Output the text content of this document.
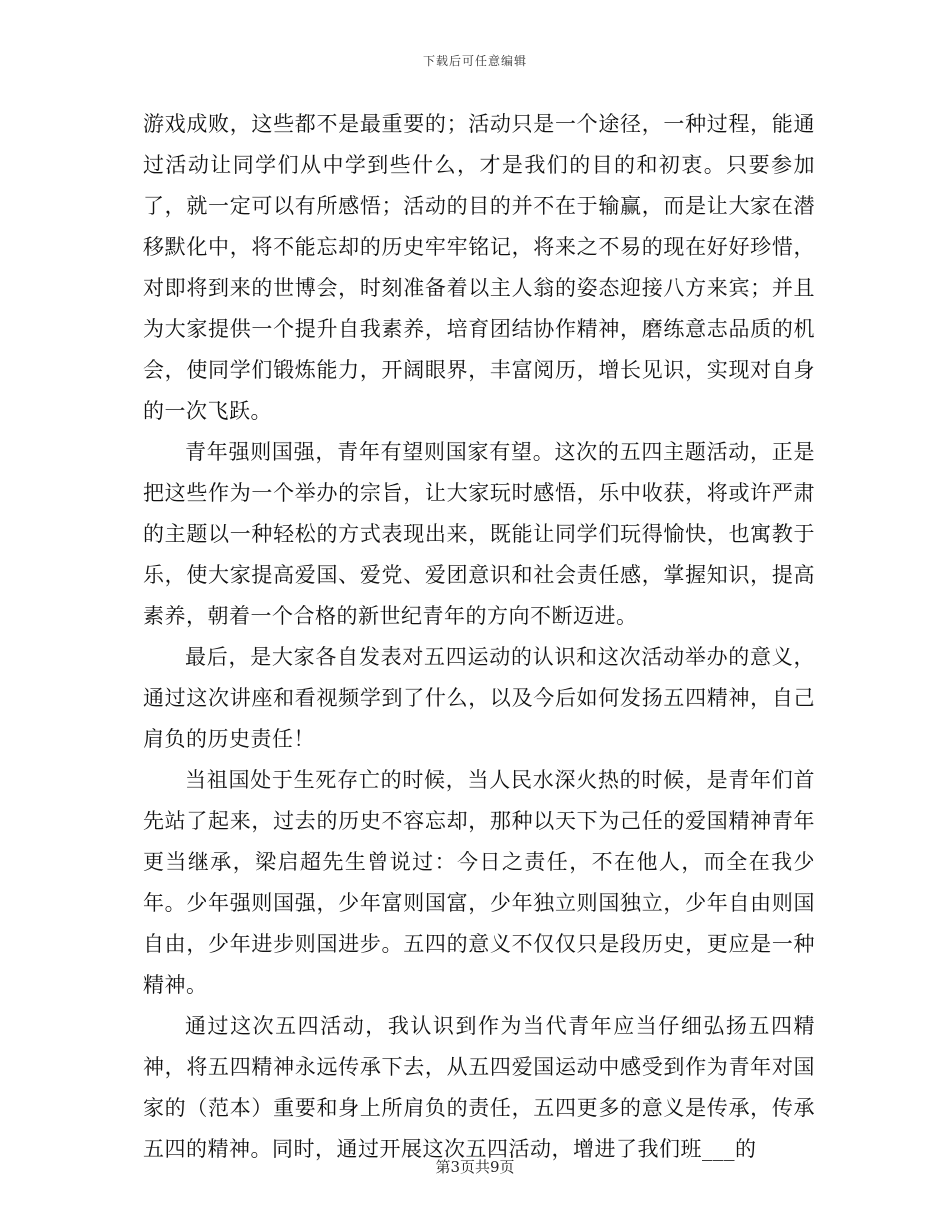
下载后可任意编辑

游戏成败，这些都不是最重要的；活动只是一个途径，一种过程，能通过活动让同学们从中学到些什么，才是我们的目的和初衷。只要参加了，就一定可以有所感悟；活动的目的并不在于输赢，而是让大家在潜移默化中，将不能忘却的历史牢牢铭记，将来之不易的现在好好珍惜，对即将到来的世博会，时刻准备着以主人翁的姿态迎接八方来宾；并且为大家提供一个提升自我素养，培育团结协作精神，磨练意志品质的机会，使同学们锻炼能力，开阔眼界，丰富阅历，增长见识，实现对自身的一次飞跃。

青年强则国强，青年有望则国家有望。这次的五四主题活动，正是把这些作为一个举办的宗旨，让大家玩时感悟，乐中收获，将或许严肃的主题以一种轻松的方式表现出来，既能让同学们玩得愉快，也寓教于乐，使大家提高爱国、爱党、爱团意识和社会责任感，掌握知识，提高素养，朝着一个合格的新世纪青年的方向不断迈进。

最后，是大家各自发表对五四运动的认识和这次活动举办的意义，通过这次讲座和看视频学到了什么，以及今后如何发扬五四精神，自己肩负的历史责任！

当祖国处于生死存亡的时候，当人民水深火热的时候，是青年们首先站了起来，过去的历史不容忘却，那种以天下为己任的爱国精神青年更当继承，梁启超先生曾说过：今日之责任，不在他人，而全在我少年。少年强则国强，少年富则国富，少年独立则国独立，少年自由则国自由，少年进步则国进步。五四的意义不仅仅只是段历史，更应是一种精神。

通过这次五四活动，我认识到作为当代青年应当仔细弘扬五四精神，将五四精神永远传承下去，从五四爱国运动中感受到作为青年对国家的（范本）重要和身上所肩负的责任，五四更多的意义是传承，传承五四的精神。同时，通过开展这次五四活动，增进了我们班___的

第3页共9页
